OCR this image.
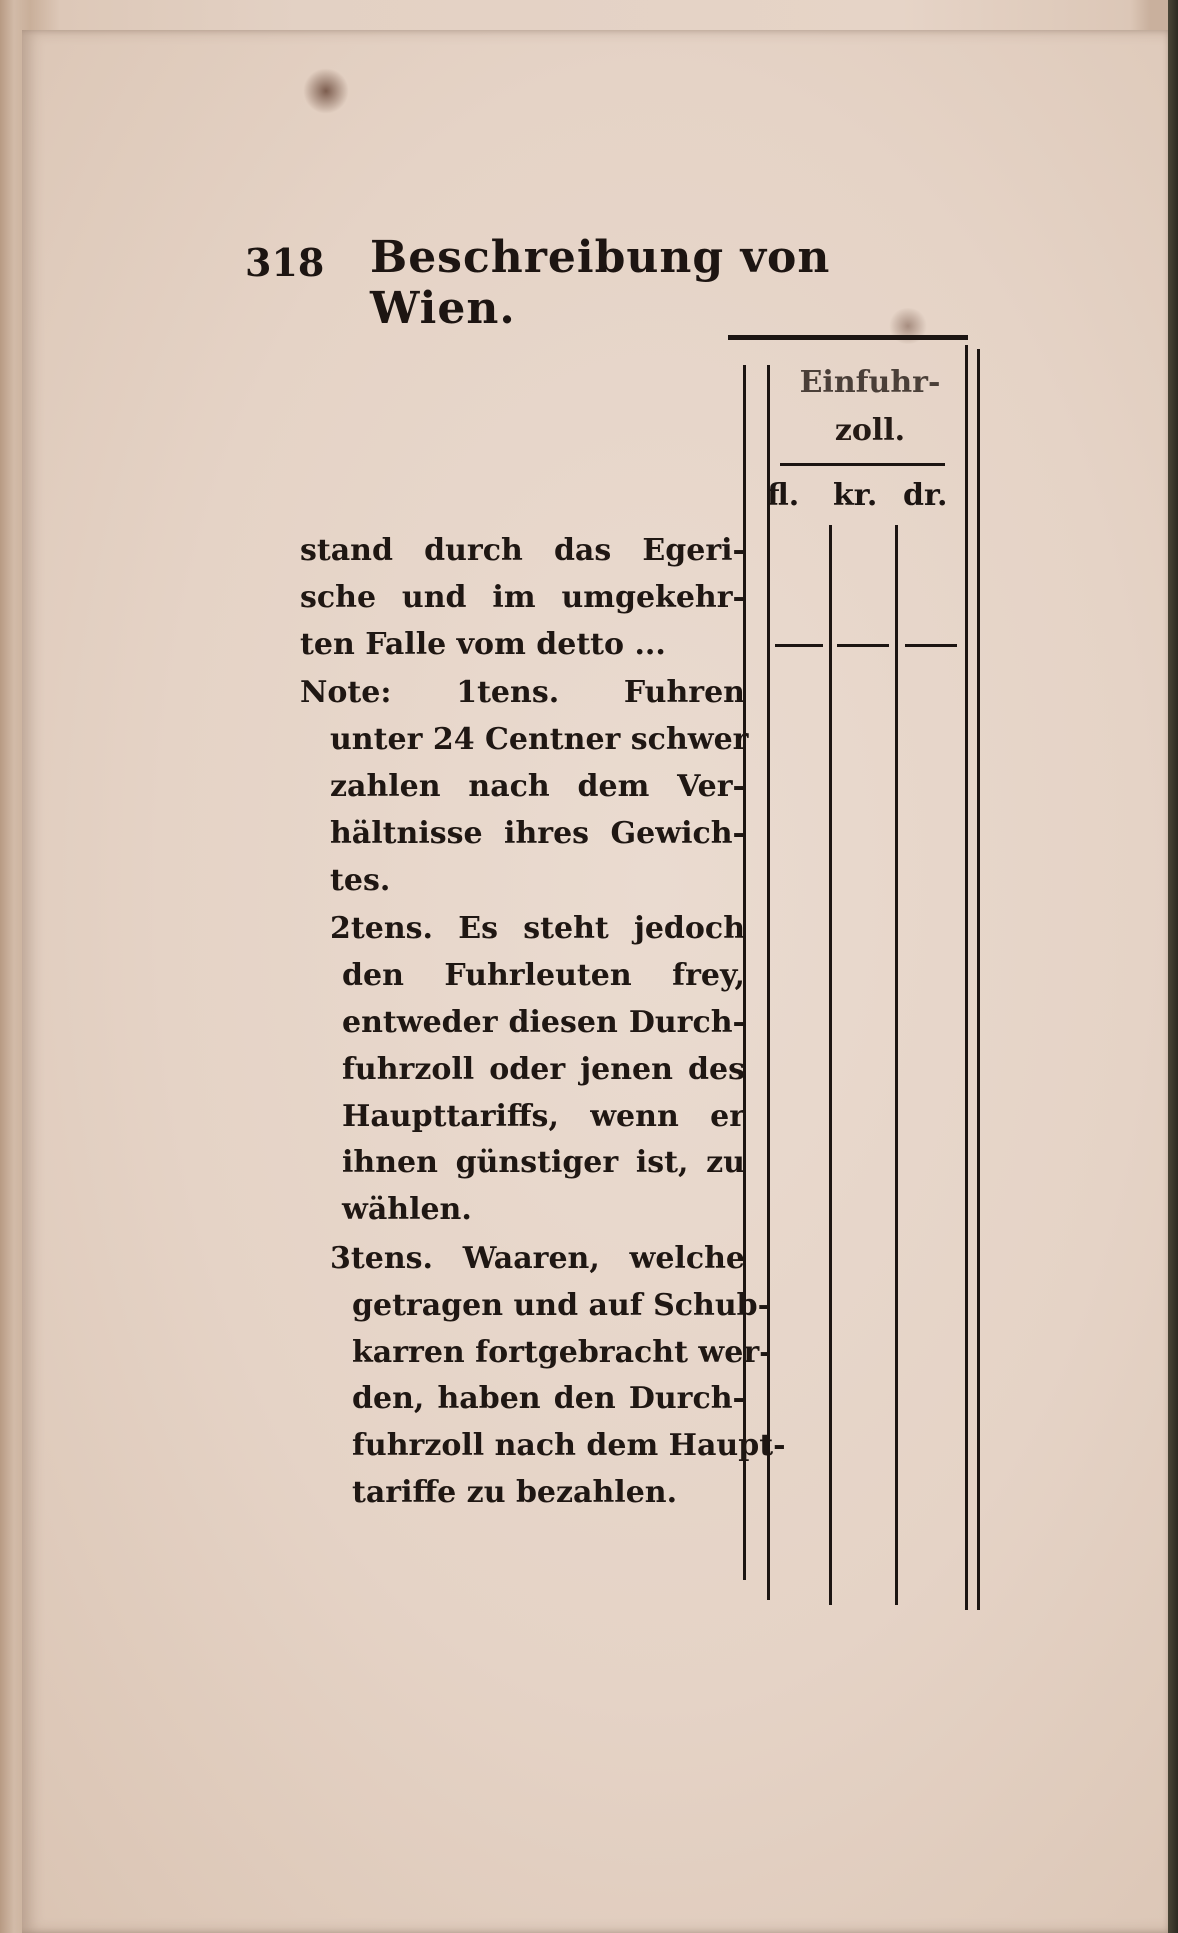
318 Beschreibung von Wien.
Einfuhr-
zoll.
fl. kr. dr.
stand durch das Egeri-
sche und im umgekehr-
ten Falle vom detto ...
Note: 1tens. Fuhren
unter 24 Centner schwer
zahlen nach dem Ver-
hältnisse ihres Gewich-
tes.
2tens. Es steht jedoch
den Fuhrleuten frey,
entweder diesen Durch-
fuhrzoll oder jenen des
Haupttariffs, wenn er
ihnen günstiger ist, zu
wählen.
3tens. Waaren, welche
getragen und auf Schub-
karren fortgebracht wer-
den, haben den Durch-
fuhrzoll nach dem Haupt-
tariffe zu bezahlen.
